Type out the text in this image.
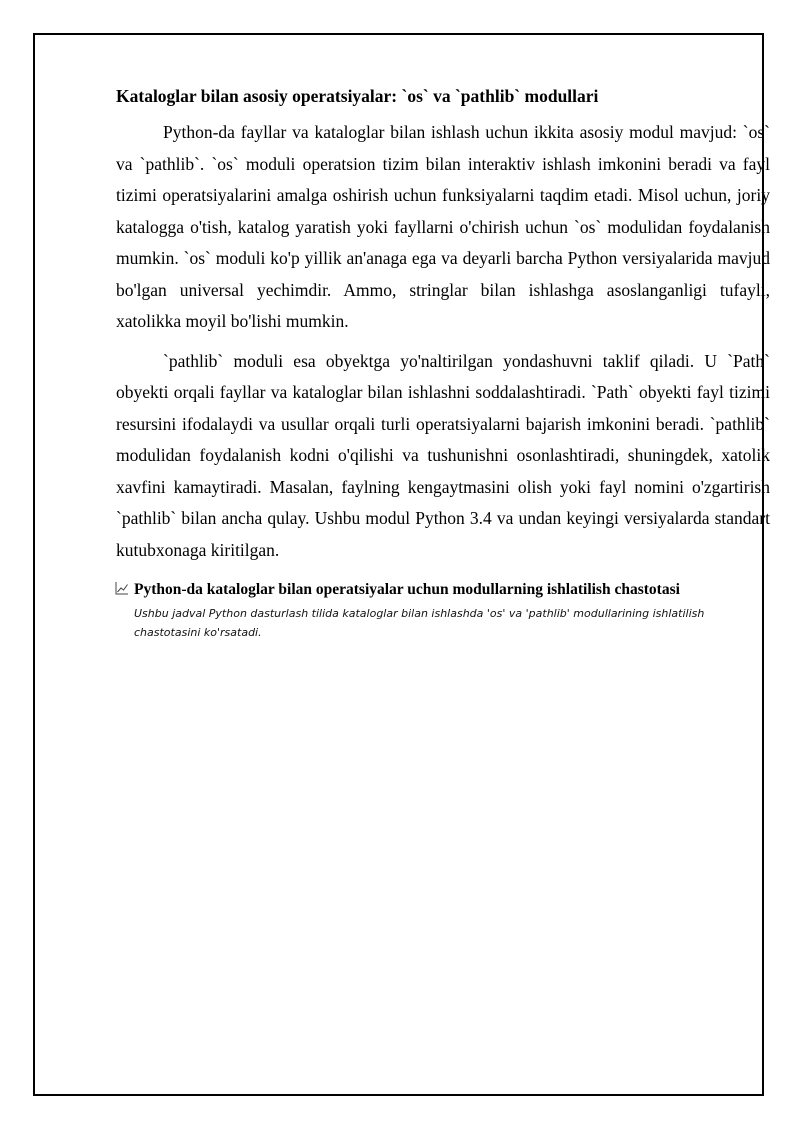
Kataloglar bilan asosiy operatsiyalar: `os` va `pathlib` modullari

Python-da fayllar va kataloglar bilan ishlash uchun ikkita asosiy modul mavjud: `os` va `pathlib`. `os` moduli operatsion tizim bilan interaktiv ishlash imkonini beradi va fayl tizimi operatsiyalarini amalga oshirish uchun funksiyalarni taqdim etadi. Misol uchun, joriy katalogga o'tish, katalog yaratish yoki fayllarni o'chirish uchun `os` modulidan foydalanish mumkin. `os` moduli ko'p yillik an'anaga ega va deyarli barcha Python versiyalarida mavjud bo'lgan universal yechimdir. Ammo, stringlar bilan ishlashga asoslanganligi tufayli, xatolikka moyil bo'lishi mumkin.

`pathlib` moduli esa obyektga yo'naltirilgan yondashuvni taklif qiladi. U `Path` obyekti orqali fayllar va kataloglar bilan ishlashni soddalashtiradi. `Path` obyekti fayl tizimi resursini ifodalaydi va usullar orqali turli operatsiyalarni bajarish imkonini beradi. `pathlib` modulidan foydalanish kodni o'qilishi va tushunishni osonlashtiradi, shuningdek, xatolik xavfini kamaytiradi. Masalan, faylning kengaytmasini olish yoki fayl nomini o'zgartirish `pathlib` bilan ancha qulay. Ushbu modul Python 3.4 va undan keyingi versiyalarda standart kutubxonaga kiritilgan.

Python-da kataloglar bilan operatsiyalar uchun modullarning ishlatilish chastotasi
Ushbu jadval Python dasturlash tilida kataloglar bilan ishlashda 'os' va 'pathlib' modullarining ishlatilish chastotasini ko'rsatadi.
